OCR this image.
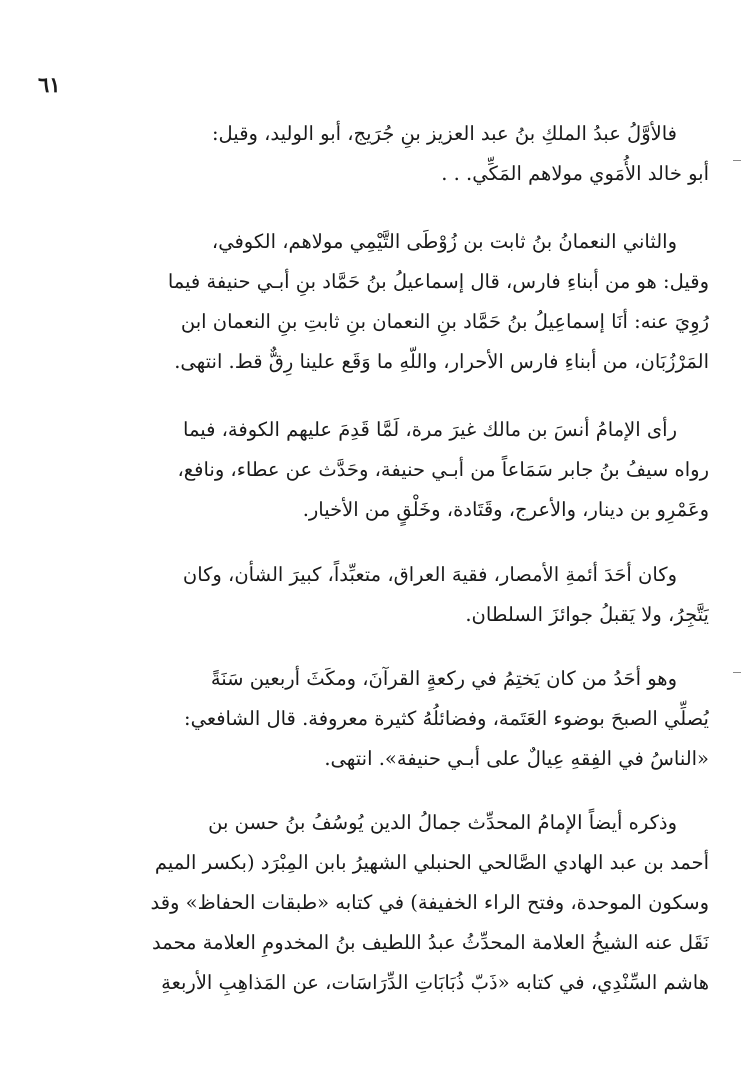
٦١
فالأوَّلُ عبدُ الملكِ بنُ عبد العزيز بنِ جُرَيج، أبو الوليد، وقيل:
أبو خالد الأُمَوي مولاهم المَكِّي. . .
والثاني النعمانُ بنُ ثابت بن زُوْطَى التَّيْمِي مولاهم، الكوفي،
وقيل: هو من أبناءِ فارس، قال إسماعيلُ بنُ حَمَّاد بنِ أبـي حنيفة فيما
رُوِيَ عنه: أنَا إسماعِيلُ بنُ حَمَّاد بنِ النعمان بنِ ثابتِ بنِ النعمان ابن
المَرْزُبَان، من أبناءِ فارس الأحرار، واللّهِ ما وَقَع علينا رِقٌّ قط. انتهى.
رأى الإمامُ أنسَ بن مالك غيرَ مرة، لَمَّا قَدِمَ عليهم الكوفة، فيما
رواه سيفُ بنُ جابر سَمَاعاً من أبـي حنيفة، وحَدَّث عن عطاء، ونافع،
وعَمْرِو بن دينار، والأعرج، وقَتَادة، وخَلْقٍ من الأخيار.
وكان أحَدَ أئمةِ الأمصار، فقيهَ العراق، متعبِّداً، كبيرَ الشأن، وكان
يَتَّجِرُ، ولا يَقبلُ جوائزَ السلطان.
وهو أحَدُ من كان يَختِمُ في ركعةٍ القرآنَ، ومكَثَ أربعين سَنَةً
يُصلِّي الصبحَ بوضوء العَتَمة، وفضائلُهُ كثيرة معروفة. قال الشافعي:
«الناسُ في الفِقهِ عِيالٌ على أبـي حنيفة». انتهى.
وذكره أيضاً الإمامُ المحدِّث جمالُ الدين يُوسُفُ بنُ حسن بن
أحمد بن عبد الهادي الصَّالحي الحنبلي الشهيرُ بابن المِبْرَد (بكسر الميم
وسكون الموحدة، وفتح الراء الخفيفة) في كتابه «طبقات الحفاظ» وقد
نَقَل عنه الشيخُ العلامة المحدِّثُ عبدُ اللطيف بنُ المخدومِ العلامة محمد
هاشم السِّنْدِي، في كتابه «ذَبّ ذُبَابَاتِ الدِّرَاسَات، عن المَذاهِبِ الأربعةِ
